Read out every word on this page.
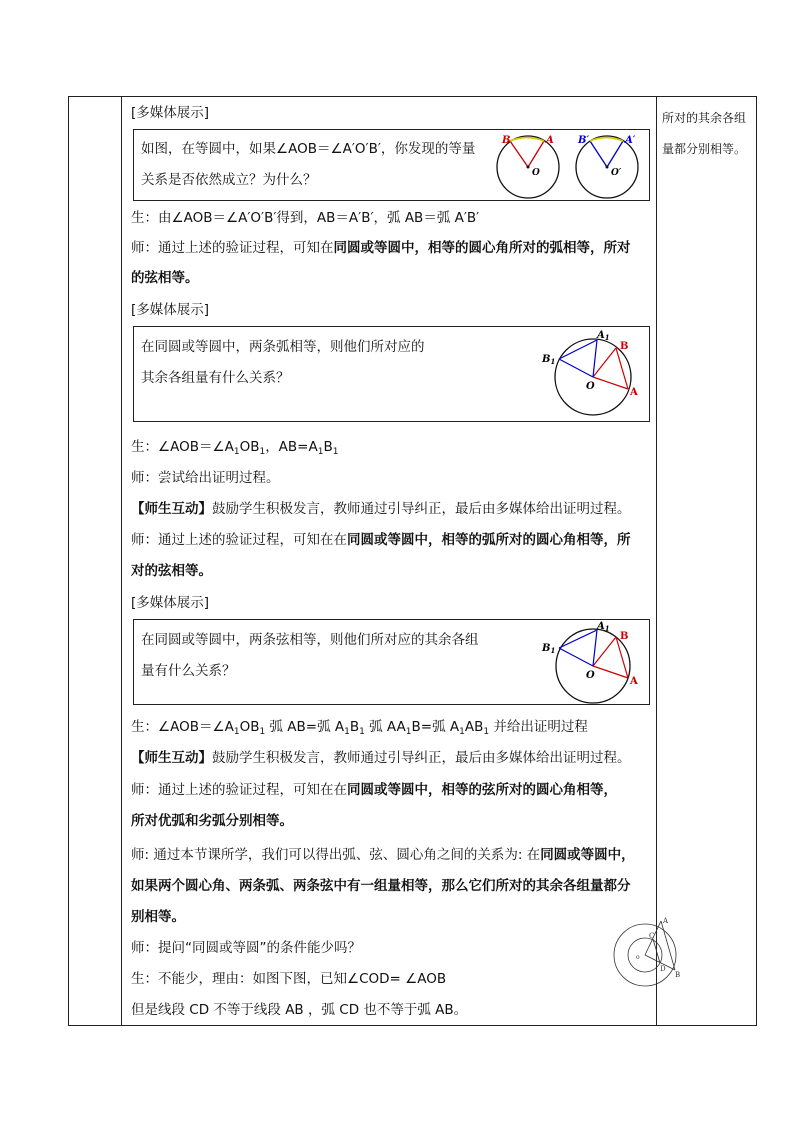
所对的其余各组量都分别相等。
[多媒体展示]
如图，在等圆中，如果∠AOB＝∠A′O′B′，你发现的等量
关系是否依然成立？为什么？
B	A
O
B′	A′
O′
生：由∠AOB＝∠A′O′B′得到，AB＝A′B′，弧 AB＝弧 A′B′
师：通过上述的验证过程，可知在同圆或等圆中，相等的圆心角所对的弧相等，所对
的弦相等。
[多媒体展示]
在同圆或等圆中，两条弧相等，则他们所对应的
其余各组量有什么关系？
$A_1$
B
$B_1$
O
A
生：$\angle AOB=\angle A_1OB_1$，$AB=A_1B_1$
师：尝试给出证明过程。
【师生互动】鼓励学生积极发言，教师通过引导纠正，最后由多媒体给出证明过程。
师：通过上述的验证过程，可知在在同圆或等圆中，相等的弧所对的圆心角相等，所
对的弦相等。
[多媒体展示]
在同圆或等圆中，两条弦相等，则他们所对应的其余各组
量有什么关系？
$A_1$
B
$B_1$
O
A
生：$\angle AOB=\angle A_1OB_1$ 弧 AB=弧 $A_1B_1$ 弧 $AA_1B=$弧 $A_1AB_1$ 并给出证明过程
【师生互动】鼓励学生积极发言，教师通过引导纠正，最后由多媒体给出证明过程。
师：通过上述的验证过程，可知在在同圆或等圆中，相等的弦所对的圆心角相等，
所对优弧和劣弧分别相等。
师: 通过本节课所学，我们可以得出弧、弦、圆心角之间的关系为: 在同圆或等圆中，
如果两个圆心角、两条弧、两条弦中有一组量相等，那么它们所对的其余各组量都分
别相等。
师：提问“同圆或等圆”的条件能少吗？
生：不能少，理由：如图下图，已知∠COD= ∠AOB
但是线段 CD 不等于线段 AB ，弧 CD 也不等于弧 AB。
A
C
o
D
B
